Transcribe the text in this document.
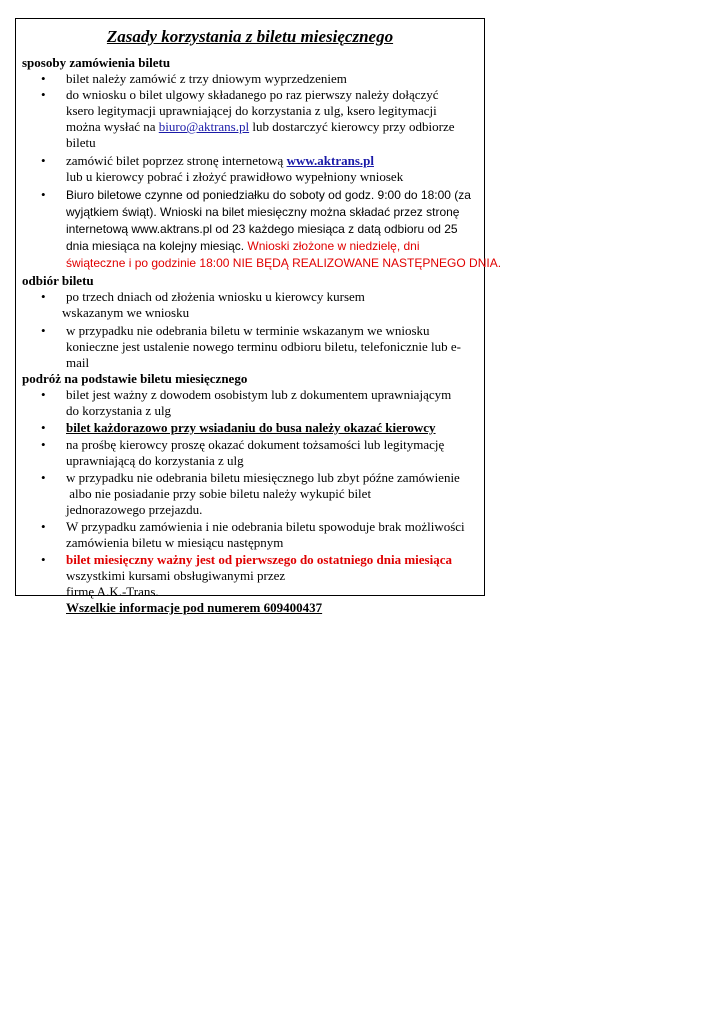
Zasady korzystania z biletu miesięcznego
sposoby zamówienia biletu
• bilet należy zamówić z trzy dniowym wyprzedzeniem
• do wniosku o bilet ulgowy składanego po raz pierwszy należy dołączyć
ksero legitymacji uprawniającej do korzystania z ulg, ksero legitymacji
można wysłać na biuro@aktrans.pl lub dostarczyć kierowcy przy odbiorze
biletu
• zamówić bilet poprzez stronę internetową www.aktrans.pl
lub u kierowcy pobrać i złożyć prawidłowo wypełniony wniosek
• Biuro biletowe czynne od poniedziałku do soboty od godz. 9:00 do 18:00 (za
wyjątkiem świąt). Wnioski na bilet miesięczny można składać przez stronę
internetową www.aktrans.pl od 23 każdego miesiąca z datą odbioru od 25
dnia miesiąca na kolejny miesiąc. Wnioski złożone w niedzielę, dni
świąteczne i po godzinie 18:00 NIE BĘDĄ REALIZOWANE NASTĘPNEGO DNIA.
odbiór biletu
• po trzech dniach od złożenia wniosku u kierowcy kursem
wskazanym we wniosku
• w przypadku nie odebrania biletu w terminie wskazanym we wniosku
konieczne jest ustalenie nowego terminu odbioru biletu, telefonicznie lub e-
mail
podróż na podstawie biletu miesięcznego
• bilet jest ważny z dowodem osobistym lub z dokumentem uprawniającym
do korzystania z ulg
• bilet każdorazowo przy wsiadaniu do busa należy okazać kierowcy
• na prośbę kierowcy proszę okazać dokument tożsamości lub legitymację
uprawniającą do korzystania z ulg
• w przypadku nie odebrania biletu miesięcznego lub zbyt późne zamówienie
albo nie posiadanie przy sobie biletu należy wykupić bilet
jednorazowego przejazdu.
• W przypadku zamówienia i nie odebrania biletu spowoduje brak możliwości
zamówienia biletu w miesiącu następnym
• bilet miesięczny ważny jest od pierwszego do ostatniego dnia miesiąca
wszystkimi kursami obsługiwanymi przez
firmę A.K.-Trans.
Wszelkie informacje pod numerem 609400437
